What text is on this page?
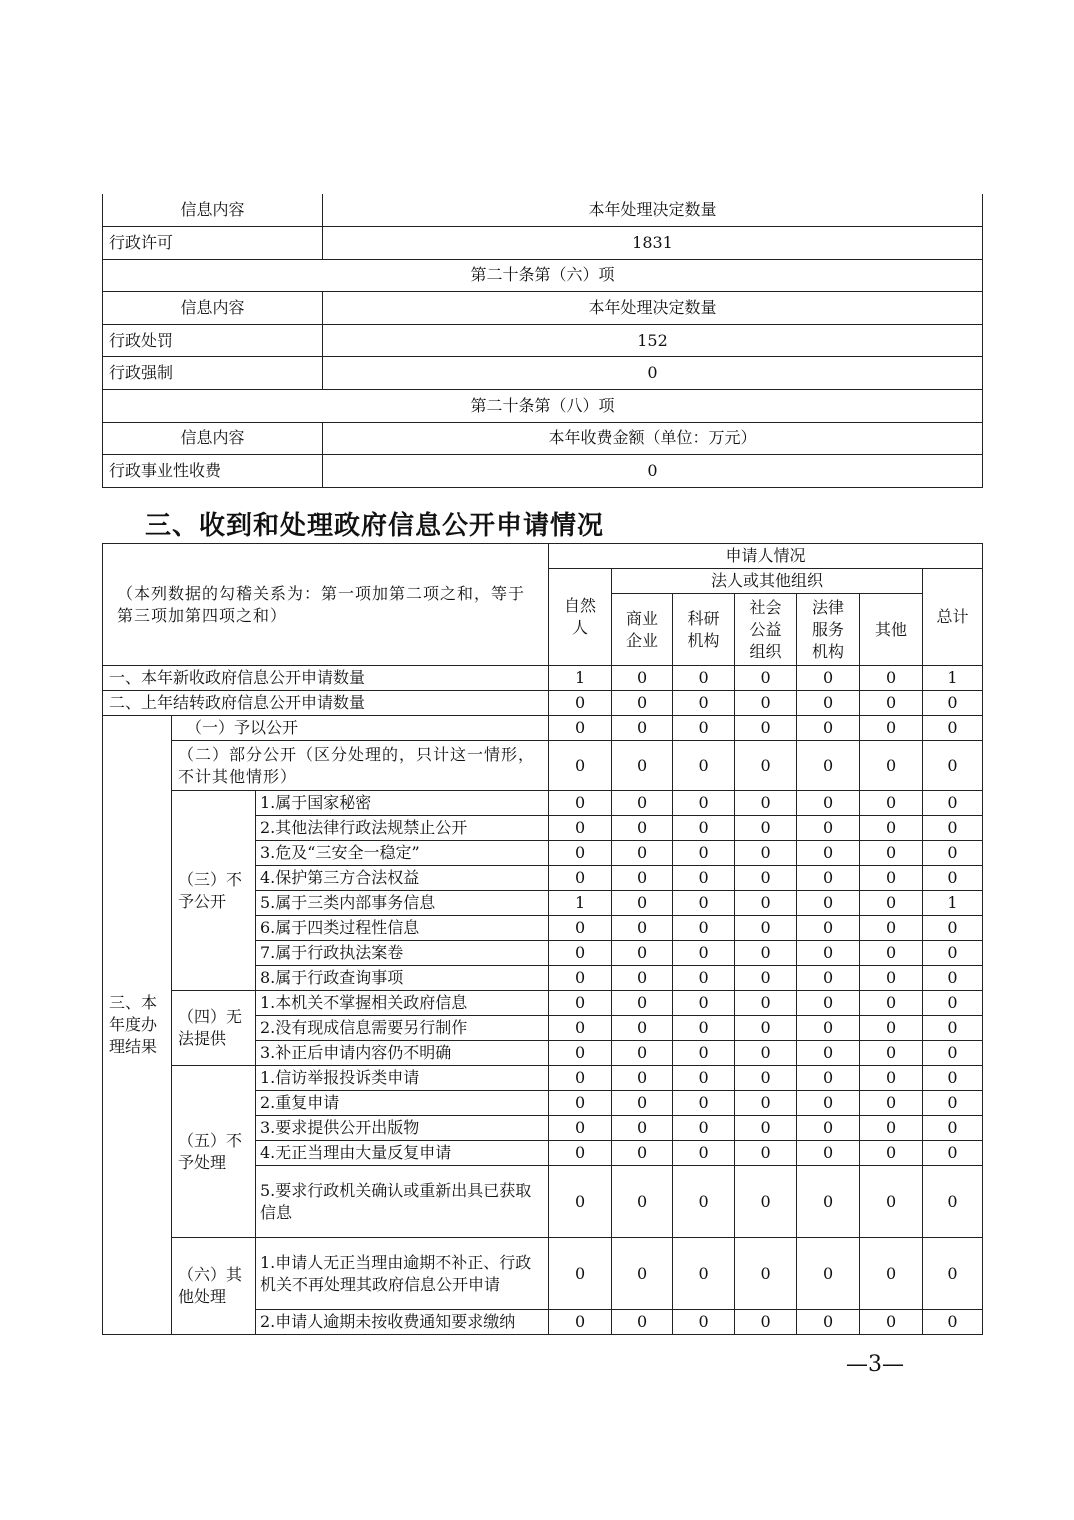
信息内容	本年处理决定数量
行政许可	1831
第二十条第（六）项	
信息内容	本年处理决定数量
行政处罚	152
行政强制	0
第二十条第（八）项	
信息内容	本年收费金额（单位：万元）
行政事业性收费	0
三、收到和处理政府信息公开申请情况
（本列数据的勾稽关系为：第一项加第二项之和，等于第三项加第四项之和）			申请人情况						
			自然人	法人或其他组织					总计
				商业企业	科研机构	社会公益组织	法律服务机构	其他	
一、本年新收政府信息公开申请数量			1	0	0	0	0	0	1
二、上年结转政府信息公开申请数量			0	0	0	0	0	0	0
三、本年度办理结果	（一）予以公开		0	0	0	0	0	0	0
	（二）部分公开（区分处理的，只计这一情形，不计其他情形）		0	0	0	0	0	0	0
	（三）不予公开	1.属于国家秘密	0	0	0	0	0	0	0
		2.其他法律行政法规禁止公开	0	0	0	0	0	0	0
		3.危及“三安全一稳定”	0	0	0	0	0	0	0
		4.保护第三方合法权益	0	0	0	0	0	0	0
		5.属于三类内部事务信息	1	0	0	0	0	0	1
		6.属于四类过程性信息	0	0	0	0	0	0	0
		7.属于行政执法案卷	0	0	0	0	0	0	0
		8.属于行政查询事项	0	0	0	0	0	0	0
	（四）无法提供	1.本机关不掌握相关政府信息	0	0	0	0	0	0	0
		2.没有现成信息需要另行制作	0	0	0	0	0	0	0
		3.补正后申请内容仍不明确	0	0	0	0	0	0	0
	（五）不予处理	1.信访举报投诉类申请	0	0	0	0	0	0	0
		2.重复申请	0	0	0	0	0	0	0
		3.要求提供公开出版物	0	0	0	0	0	0	0
		4.无正当理由大量反复申请	0	0	0	0	0	0	0
		5.要求行政机关确认或重新出具已获取信息	0	0	0	0	0	0	0
	（六）其他处理	1.申请人无正当理由逾期不补正、行政机关不再处理其政府信息公开申请	0	0	0	0	0	0	0
		2.申请人逾期未按收费通知要求缴纳	0	0	0	0	0	0	0
—3—
